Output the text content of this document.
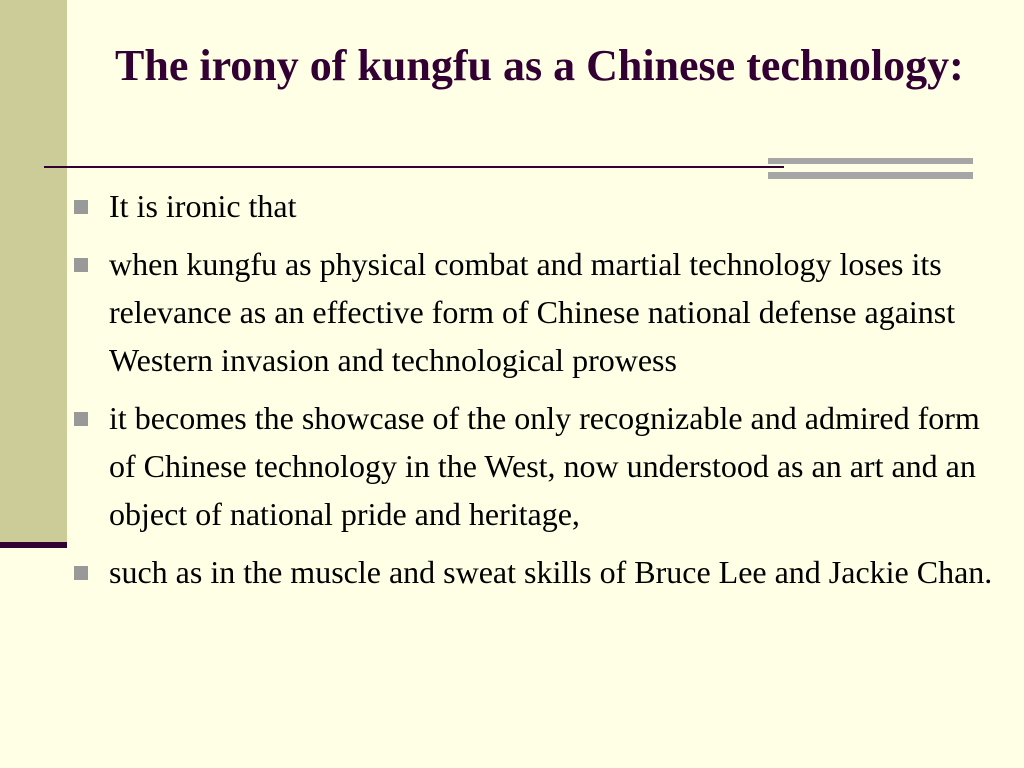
The irony of kungfu as a Chinese technology:
It is ironic that
when kungfu as physical combat and martial technology loses its relevance as an effective form of Chinese national defense against Western invasion and technological prowess
it becomes the showcase of the only recognizable and admired form of Chinese technology in the West, now understood as an art and an object of national pride and heritage,
such as in the muscle and sweat skills of Bruce Lee and Jackie Chan.
